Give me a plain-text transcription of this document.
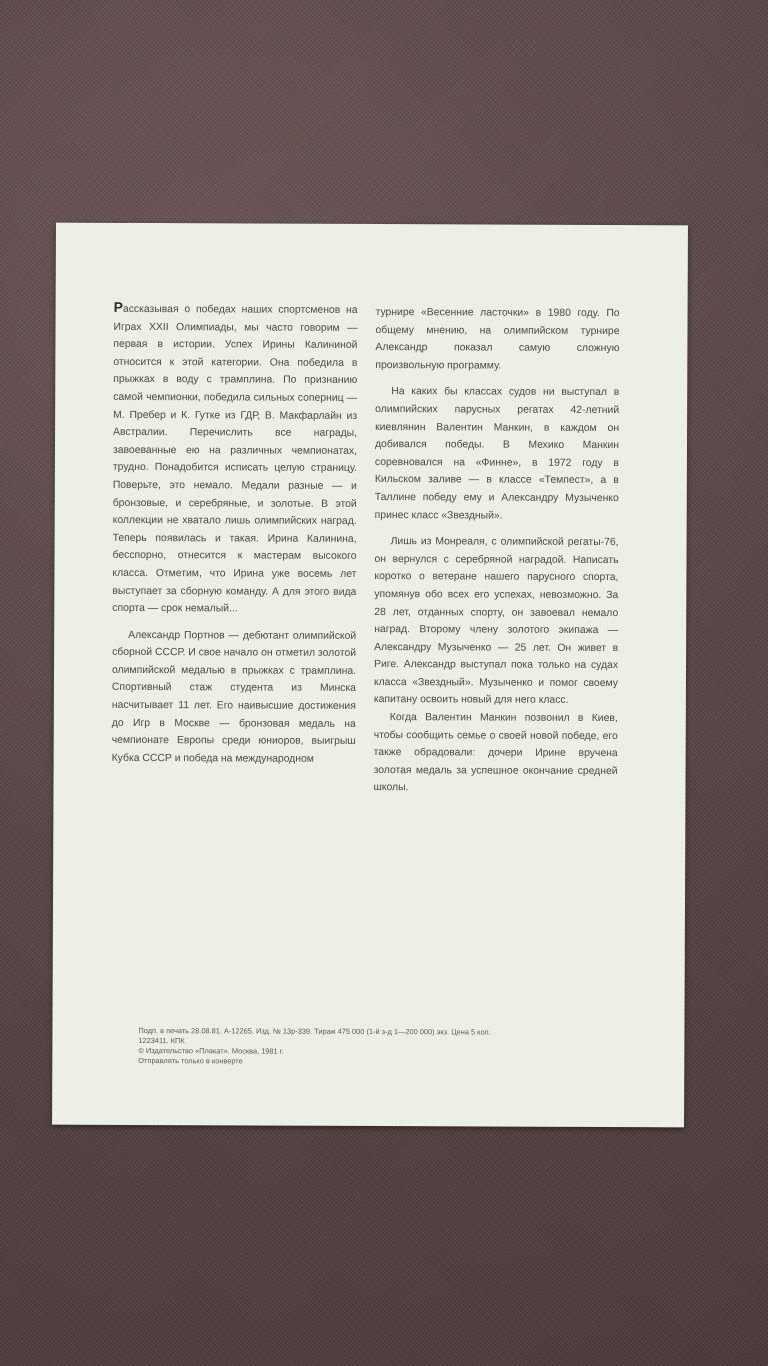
Рассказывая о победах наших спортсменов на Играх XXII Олимпиады, мы часто говорим — первая в истории. Успех Ирины Калининой относится к этой категории. Она победила в прыжках в воду с трамплина. По признанию самой чемпионки, победила сильных соперниц — М. Пребер и К. Гутке из ГДР, В. Макфарлайн из Австралии. Перечислить все награды, завоеванные ею на различных чемпионатах, трудно. Понадобится исписать целую страницу. Поверьте, это немало. Медали разные — и бронзовые, и серебряные, и золотые. В этой коллекции не хватало лишь олимпийских наград. Теперь появилась и такая. Ирина Калинина, бесспорно, отнесится к мастерам высокого класса. Отметим, что Ирина уже восемь лет выступает за сборную команду. А для этого вида спорта — срок немалый...

Александр Портнов — дебютант олимпийской сборной СССР. И свое начало он отметил золотой олимпийской медалью в прыжках с трамплина. Спортивный стаж студента из Минска насчитывает 11 лет. Его наивысшие достижения до Игр в Москве — бронзовая медаль на чемпионате Европы среди юниоров, выигрыш Кубка СССР и победа на международном

турнире «Весенние ласточки» в 1980 году. По общему мнению, на олимпийском турнире Александр показал самую сложную произвольную программу.

На каких бы классах судов ни выступал в олимпийских парусных регатах 42-летний киевлянин Валентин Манкин, в каждом он добивался победы. В Мехико Манкин соревновался на «Финне», в 1972 году в Кильском заливе — в классе «Темпест», а в Таллине победу ему и Александру Музыченко принес класс «Звездный».

Лишь из Монреаля, с олимпийской регаты-76, он вернулся с серебряной наградой. Написать коротко о ветеране нашего парусного спорта, упомянув обо всех его успехах, невозможно. За 28 лет, отданных спорту, он завоевал немало наград. Второму члену золотого экипажа — Александру Музыченко — 25 лет. Он живет в Риге. Александр выступал пока только на судах класса «Звездный». Музыченко и помог своему капитану освоить новый для него класс.

Когда Валентин Манкин позвонил в Киев, чтобы сообщить семье о своей новой победе, его также обрадовали: дочери Ирине вручена золотая медаль за успешное окончание средней школы.

Подп. в печать 28.08.81. А-12265. Изд. № 13р-339. Тираж 475 000 (1-й з-д 1—200 000) экз. Цена 5 коп.
1223411. КПК
© Издательство «Плакат». Москва, 1981 г.
Отправлять только в конверте
